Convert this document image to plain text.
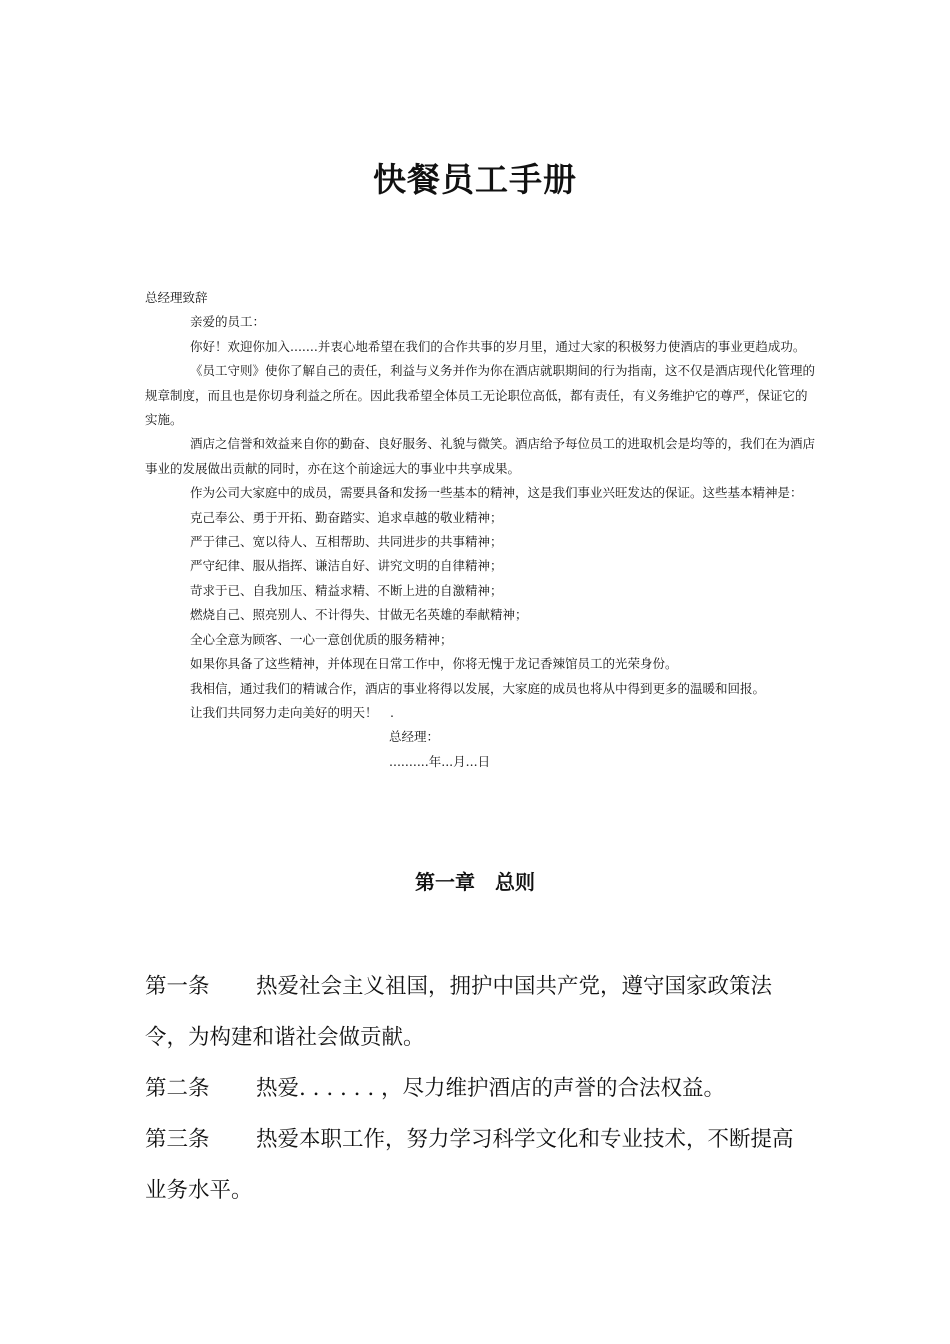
快餐员工手册

总经理致辞

亲爱的员工：

你好！欢迎你加入.......并衷心地希望在我们的合作共事的岁月里，通过大家的积极努力使酒店的事业更趋成功。

《员工守则》使你了解自己的责任，利益与义务并作为你在酒店就职期间的行为指南，这不仅是酒店现代化管理的规章制度，而且也是你切身利益之所在。因此我希望全体员工无论职位高低，都有责任，有义务维护它的尊严，保证它的实施。

酒店之信誉和效益来自你的勤奋、良好服务、礼貌与微笑。酒店给予每位员工的进取机会是均等的，我们在为酒店事业的发展做出贡献的同时，亦在这个前途远大的事业中共享成果。

作为公司大家庭中的成员，需要具备和发扬一些基本的精神，这是我们事业兴旺发达的保证。这些基本精神是：

克己奉公、勇于开拓、勤奋踏实、追求卓越的敬业精神；

严于律己、宽以待人、互相帮助、共同进步的共事精神；

严守纪律、服从指挥、谦洁自好、讲究文明的自律精神；

苛求于已、自我加压、精益求精、不断上进的自激精神；

燃烧自己、照亮别人、不计得失、甘做无名英雄的奉献精神；

全心全意为顾客、一心一意创优质的服务精神；

如果你具备了这些精神，并体现在日常工作中，你将无愧于龙记香辣馆员工的光荣身份。

我相信，通过我们的精诚合作，酒店的事业将得以发展，大家庭的成员也将从中得到更多的温暖和回报。

让我们共同努力走向美好的明天！　.

总经理：

..........年...月...日

第一章　总则

第一条 热爱社会主义祖国，拥护中国共产党，遵守国家政策法令，为构建和谐社会做贡献。

第二条 热爱. . . . . . ，尽力维护酒店的声誉的合法权益。

第三条 热爱本职工作，努力学习科学文化和专业技术，不断提高业务水平。
